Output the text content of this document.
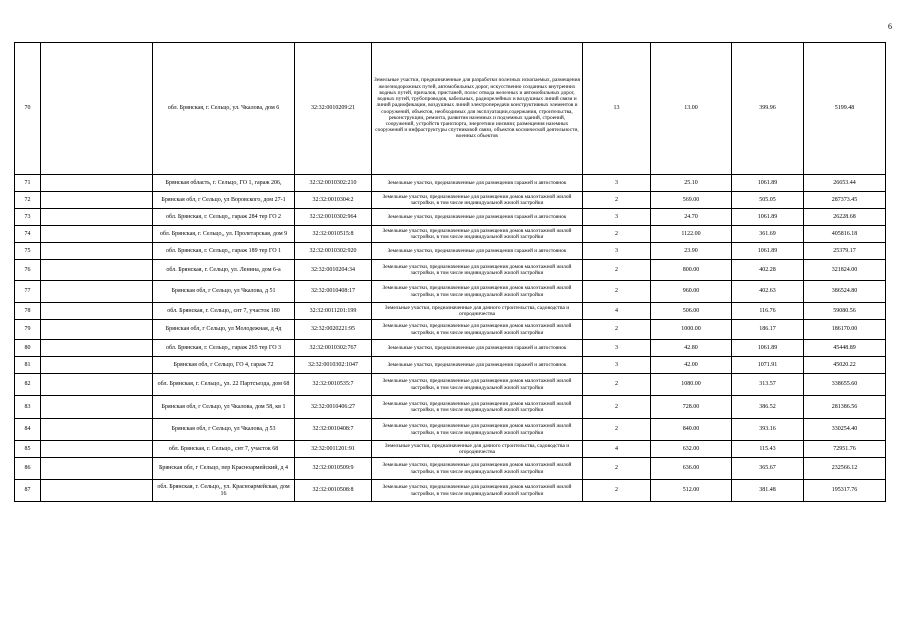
6
70		обл. Брянская, г. Сельцо, ул. Чкалова, дом 6	32:32:0010209:21	Земельные участки, предназначенные для разработки полезных ископаемых, размещения железнодорожных путей, автомобильных дорог, искусственно созданных внутренних водных путей, причалов, пристаней, полос отвода железных и автомобильных дорог, водных путей, трубопроводов, кабельных, радиорелейных и воздушных линий связи и линий радиофикации, воздушных линий электропередачи конструктивных элементов и сооружений, объектов, необходимых для эксплуатации,содержания, строительства, реконструкции, ремонта, развития наземных и подземных зданий, строений, сооружений, устройств транспорта, энергетики иисвязи; размещения наземных сооружений и инфраструктуры спутниковой связи, объектов космической деятельности, военных объектов	13	13.00	399.96	5199.48
71		Брянская область, г. Сельцо, ГО 1, гараж 206,	32:32:0010302:210	Земельные участки, предназначенные для размещения гаражей и автостоянок	3	25.10	1061.89	26653.44
72		Брянская обл, г Сельцо, ул Воровского, дом 27-1	32:32:0010304:2	Земельные участки, предназначенные для размещения домов малоэтажной жилой застройки, в том числе индивидуальной жилой застройки	2	569.00	505.05	287373.45
73		обл. Брянская, г. Сельцо,, гараж 284 тер ГО 2	32:32:0010302:964	Земельные участки, предназначенные для размещения гаражей и автостоянок	3	24.70	1061.89	26228.68
74		обл. Брянская, г. Сельцо,, ул. Пролетарская, дом 9	32:32:0010515:8	Земельные участки, предназначенные для размещения домов малоэтажной жилой застройки, в том числе индивидуальной жилой застройки	2	1122.00	361.69	405816.18
75		обл. Брянская, г. Сельцо,, гараж 189 тер ГО 1	32:32:0010302:920	Земельные участки, предназначенные для размещения гаражей и автостоянок	3	23.90	1061.89	25379.17
76		обл. Брянская, г. Сельцо, ул. Ленина, дом 6-а	32:32:0010204:34	Земельные участки, предназначенные для размещения домов малоэтажной жилой застройки, в том числе индивидуальной жилой застройки	2	800.00	402.28	321824.00
77		Брянская обл, г Сельцо, ул Чкалова, д 51	32:32:0010408:17	Земельные участки, предназначенные для размещения домов малоэтажной жилой застройки, в том числе индивидуальной жилой застройки	2	960.00	402.63	386524.80
78		обл. Брянская, г. Сельцо,, снт 7, участок 180	32:32:0011201:199	Земельные участки, предназначенные для дачного строительства, садоводства и огородничества	4	506.00	116.76	59080.56
79		Брянская обл, г Сельцо, ул Молодежная, д 4д	32:32:0020221:95	Земельные участки, предназначенные для размещения домов малоэтажной жилой застройки, в том числе индивидуальной жилой застройки	2	1000.00	186.17	186170.00
80		обл. Брянская, г. Сельцо,, гараж 265 тер ГО 3	32:32:0010302:767	Земельные участки, предназначенные для размещения гаражей и автостоянок	3	42.80	1061.89	45448.89
81		Брянская обл, г Сельцо, ГО 4, гараж 72	32:32:0010302:1047	Земельные участки, предназначенные для размещения гаражей и автостоянок	3	42.00	1071.91	45020.22
82		обл. Брянская, г. Сельцо,, ул. 22 Партсъезда, дом 68	32:32:0010535:7	Земельные участки, предназначенные для размещения домов малоэтажной жилой застройки, в том числе индивидуальной жилой застройки	2	1080.00	313.57	338655.60
83		Брянская обл, г Сельцо, ул Чкалова, дом 58, кв 1	32:32:0010406:27	Земельные участки, предназначенные для размещения домов малоэтажной жилой застройки, в том числе индивидуальной жилой застройки	2	728.00	386.52	281386.56
84		Брянская обл, г Сельцо, ул Чкалова, д 53	32:32:0010408:7	Земельные участки, предназначенные для размещения домов малоэтажной жилой застройки, в том числе индивидуальной жилой застройки	2	840.00	393.16	330254.40
85		обл. Брянская, г. Сельцо,, снт 7, участок 68	32:32:0011201:91	Земельные участки, предназначенные для дачного строительства, садоводства и огородничества	4	632.00	115.43	72951.76
86		Брянская обл, г Сельцо, пер Красноармейский, д 4	32:32:0010509:9	Земельные участки, предназначенные для размещения домов малоэтажной жилой застройки, в том числе индивидуальной жилой застройки	2	636.00	365.67	232566.12
87		обл. Брянская, г. Сельцо,, ул. Красноармейская, дом 16	32:32:0010508:8	Земельные участки, предназначенные для размещения домов малоэтажной жилой застройки, в том числе индивидуальной жилой застройки	2	512.00	381.48	195317.76
